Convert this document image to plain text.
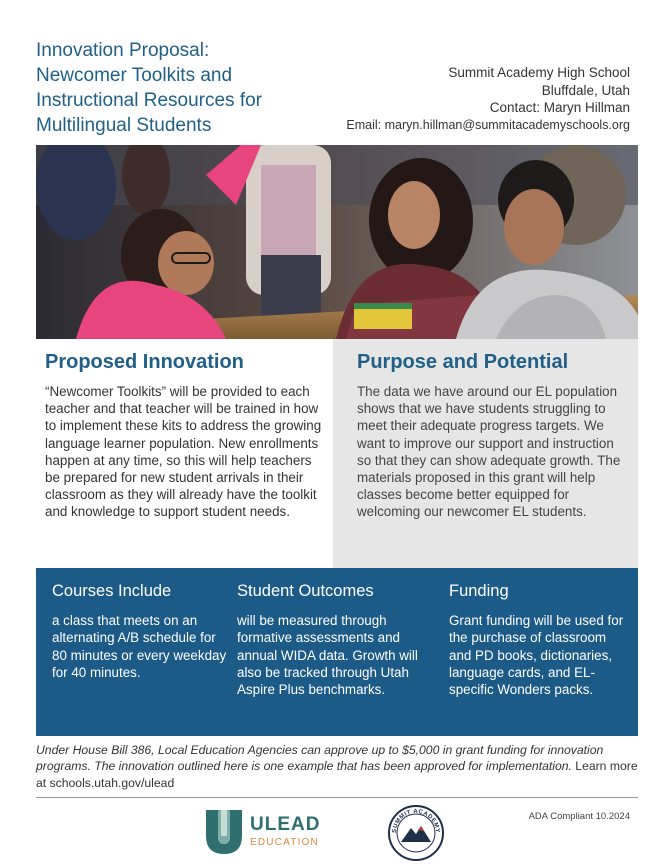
Innovation Proposal:
Newcomer Toolkits and
Instructional Resources for
Multilingual Students
Summit Academy High School
Bluffdale, Utah
Contact: Maryn Hillman
Email: maryn.hillman@summitacademyschools.org
Proposed Innovation

“Newcomer Toolkits” will be provided to each teacher and that teacher will be trained in how to implement these kits to address the growing language learner population. New enrollments happen at any time, so this will help teachers be prepared for new student arrivals in their classroom as they will already have the toolkit and knowledge to support student needs.

Purpose and Potential

The data we have around our EL population shows that we have students struggling to meet their adequate progress targets. We want to improve our support and instruction so that they can show adequate growth. The materials proposed in this grant will help classes become better equipped for welcoming our newcomer EL students.

Courses Include

a class that meets on an alternating A/B schedule for 80 minutes or every weekday for 40 minutes.

Student Outcomes

will be measured through formative assessments and annual WIDA data. Growth will also be tracked through Utah Aspire Plus benchmarks.

Funding

Grant funding will be used for the purchase of classroom and PD books, dictionaries, language cards, and EL-specific Wonders packs.

Under House Bill 386, Local Education Agencies can approve up to $5,000 in grant funding for innovation programs. The innovation outlined here is one example that has been approved for implementation. Learn more at schools.utah.gov/ulead
ULEAD
EDUCATION
SUMMIT ACADEMY
ADA Compliant 10.2024
